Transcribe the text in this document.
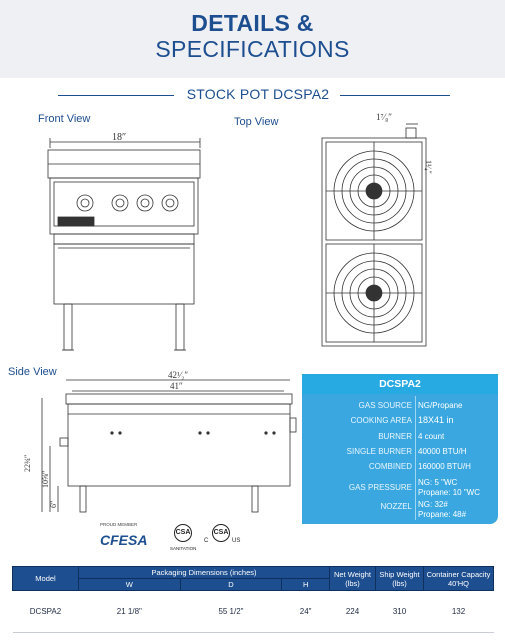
DETAILS &
SPECIFICATIONS
STOCK POT DCSPA2
Front View	Top View
Side View
18″
1⁷⁄₈″
1¹⁄₄″
42¹⁄₂″
41″
22¾″
10⅝″
6″
DCSPA2
GAS SOURCE NG/Propane
COOKING AREA 18X41 in
BURNER 4 count
SINGLE BURNER 40000 BTU/H
COMBINED 160000 BTU/H
GAS PRESSURE
NG: 5 "WC
Propane: 10 "WC
NOZZEL NG: 32#
Propane: 48#
PROUD MEMBER
CFESA	CSA
SANITATION
C
CSA
US
Model	Packaging Dimensions (inches)			Net Weight (lbs)	Ship Weight (lbs)	Container Capacity 40'HQ
	W	D	H			
DCSPA2	21 1/8"	55 1/2"	24"	224	310	132
